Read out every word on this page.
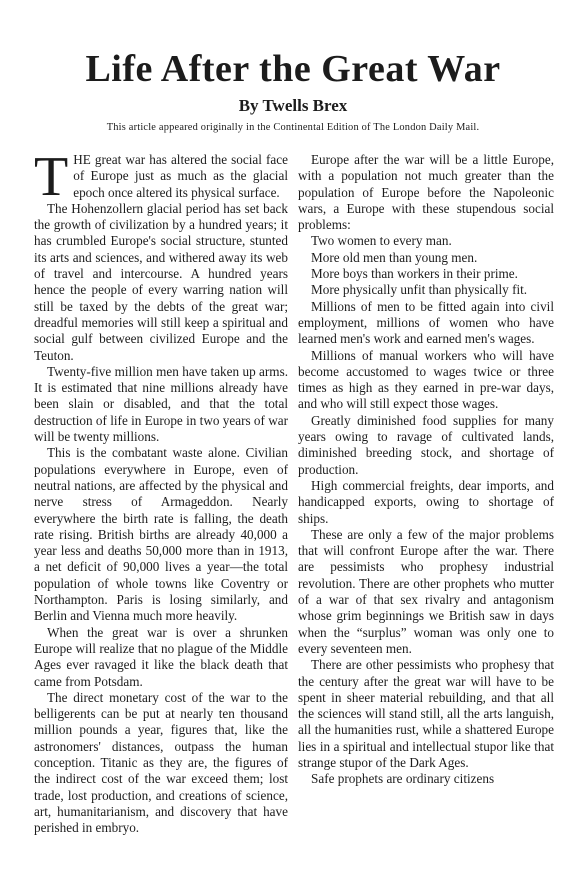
Life After the Great War
By Twells Brex
This article appeared originally in the Continental Edition of The London Daily Mail.

THE great war has altered the social face of Europe just as much as the glacial epoch once altered its physical surface.

The Hohenzollern glacial period has set back the growth of civilization by a hundred years; it has crumbled Europe's social structure, stunted its arts and sciences, and withered away its web of travel and intercourse. A hundred years hence the people of every warring nation will still be taxed by the debts of the great war; dreadful memories will still keep a spiritual and social gulf between civilized Europe and the Teuton.

Twenty-five million men have taken up arms. It is estimated that nine millions already have been slain or disabled, and that the total destruction of life in Europe in two years of war will be twenty millions.

This is the combatant waste alone. Civilian populations everywhere in Europe, even of neutral nations, are affected by the physical and nerve stress of Armageddon. Nearly everywhere the birth rate is falling, the death rate rising. British births are already 40,000 a year less and deaths 50,000 more than in 1913, a net deficit of 90,000 lives a year—the total population of whole towns like Coventry or Northampton. Paris is losing similarly, and Berlin and Vienna much more heavily.

When the great war is over a shrunken Europe will realize that no plague of the Middle Ages ever ravaged it like the black death that came from Potsdam.

The direct monetary cost of the war to the belligerents can be put at nearly ten thousand million pounds a year, figures that, like the astronomers' distances, outpass the human conception. Titanic as they are, the figures of the indirect cost of the war exceed them; lost trade, lost production, and creations of science, art, humanitarianism, and discovery that have perished in embryo.

Europe after the war will be a little Europe, with a population not much greater than the population of Europe before the Napoleonic wars, a Europe with these stupendous social problems:

Two women to every man.

More old men than young men.

More boys than workers in their prime.

More physically unfit than physically fit.

Millions of men to be fitted again into civil employment, millions of women who have learned men's work and earned men's wages.

Millions of manual workers who will have become accustomed to wages twice or three times as high as they earned in pre-war days, and who will still expect those wages.

Greatly diminished food supplies for many years owing to ravage of cultivated lands, diminished breeding stock, and shortage of production.

High commercial freights, dear imports, and handicapped exports, owing to shortage of ships.

These are only a few of the major problems that will confront Europe after the war. There are pessimists who prophesy industrial revolution. There are other prophets who mutter of a war of that sex rivalry and antagonism whose grim beginnings we British saw in days when the “surplus” woman was only one to every seventeen men.

There are other pessimists who prophesy that the century after the great war will have to be spent in sheer material rebuilding, and that all the sciences will stand still, all the arts languish, all the humanities rust, while a shattered Europe lies in a spiritual and intellectual stupor like that strange stupor of the Dark Ages.

Safe prophets are ordinary citizens
